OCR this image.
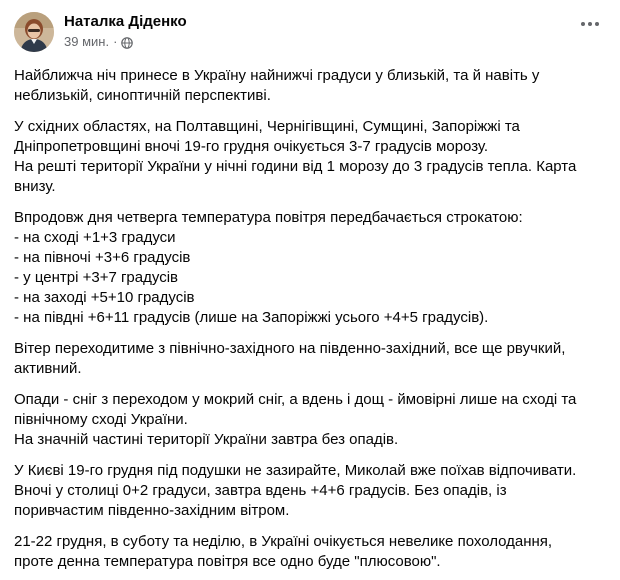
Наталка Діденко
39 мин. ·

Найближча ніч принесе в Україну найнижчі градуси у близькій, та й навіть у
неблизькій, синоптичній перспективі.

У східних областях, на Полтавщині, Чернігівщині, Сумщині, Запоріжжі та
Дніпропетровщині вночі 19-го грудня очікується 3-7 градусів морозу.
На решті території України у нічні години від 1 морозу до 3 градусів тепла. Карта
внизу.

Впродовж дня четверга температура повітря передбачається строкатою:
- на сході +1+3 градуси
- на півночі +3+6 градусів
- у центрі +3+7 градусів
- на заході +5+10 градусів
- на півдні +6+11 градусів (лише на Запоріжжі усього +4+5 градусів).

Вітер переходитиме з північно-західного на південно-західний, все ще рвучкий,
активний.

Опади - сніг з переходом у мокрий сніг, а вдень і дощ - ймовірні лише на сході та
північному сході України.
На значній частині території України завтра без опадів.

У Києві 19-го грудня під подушки не зазирайте, Миколай вже поїхав відпочивати.
Вночі у столиці 0+2 градуси, завтра вдень +4+6 градусів. Без опадів, із
поривчастим південно-західним вітром.

21-22 грудня, в суботу та неділю, в Україні очікується невелике похолодання,
проте денна температура повітря все одно буде "плюсовою".
